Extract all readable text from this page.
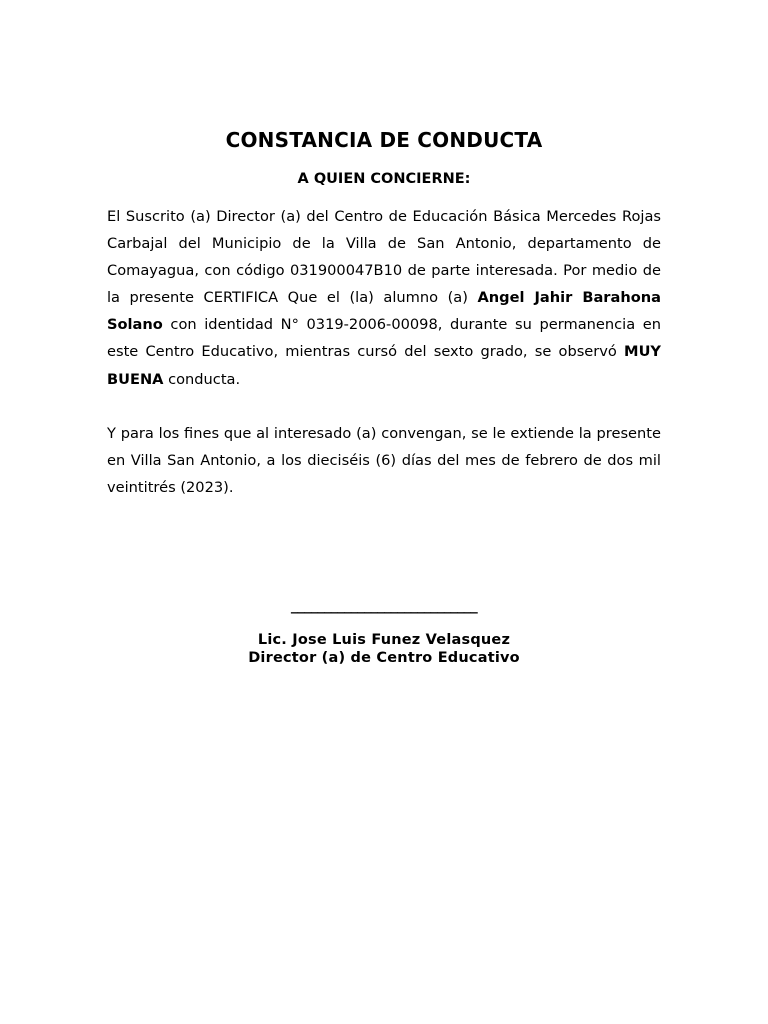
CONSTANCIA DE CONDUCTA

A QUIEN CONCIERNE:

El Suscrito (a) Director (a) del Centro de Educación Básica Mercedes Rojas Carbajal del Municipio de la Villa de San Antonio, departamento de Comayagua, con código 031900047B10 de parte interesada. Por medio de la presente CERTIFICA Que el (la) alumno (a) Angel Jahir Barahona Solano con identidad N° 0319-2006-00098, durante su permanencia en este Centro Educativo, mientras cursó del sexto grado, se observó MUY BUENA conducta.

Y para los fines que al interesado (a) convengan, se le extiende la presente en Villa San Antonio, a los dieciséis (6) días del mes de febrero de dos mil veintitrés (2023).

____________________________

Lic. Jose Luis Funez Velasquez

Director (a) de Centro Educativo
